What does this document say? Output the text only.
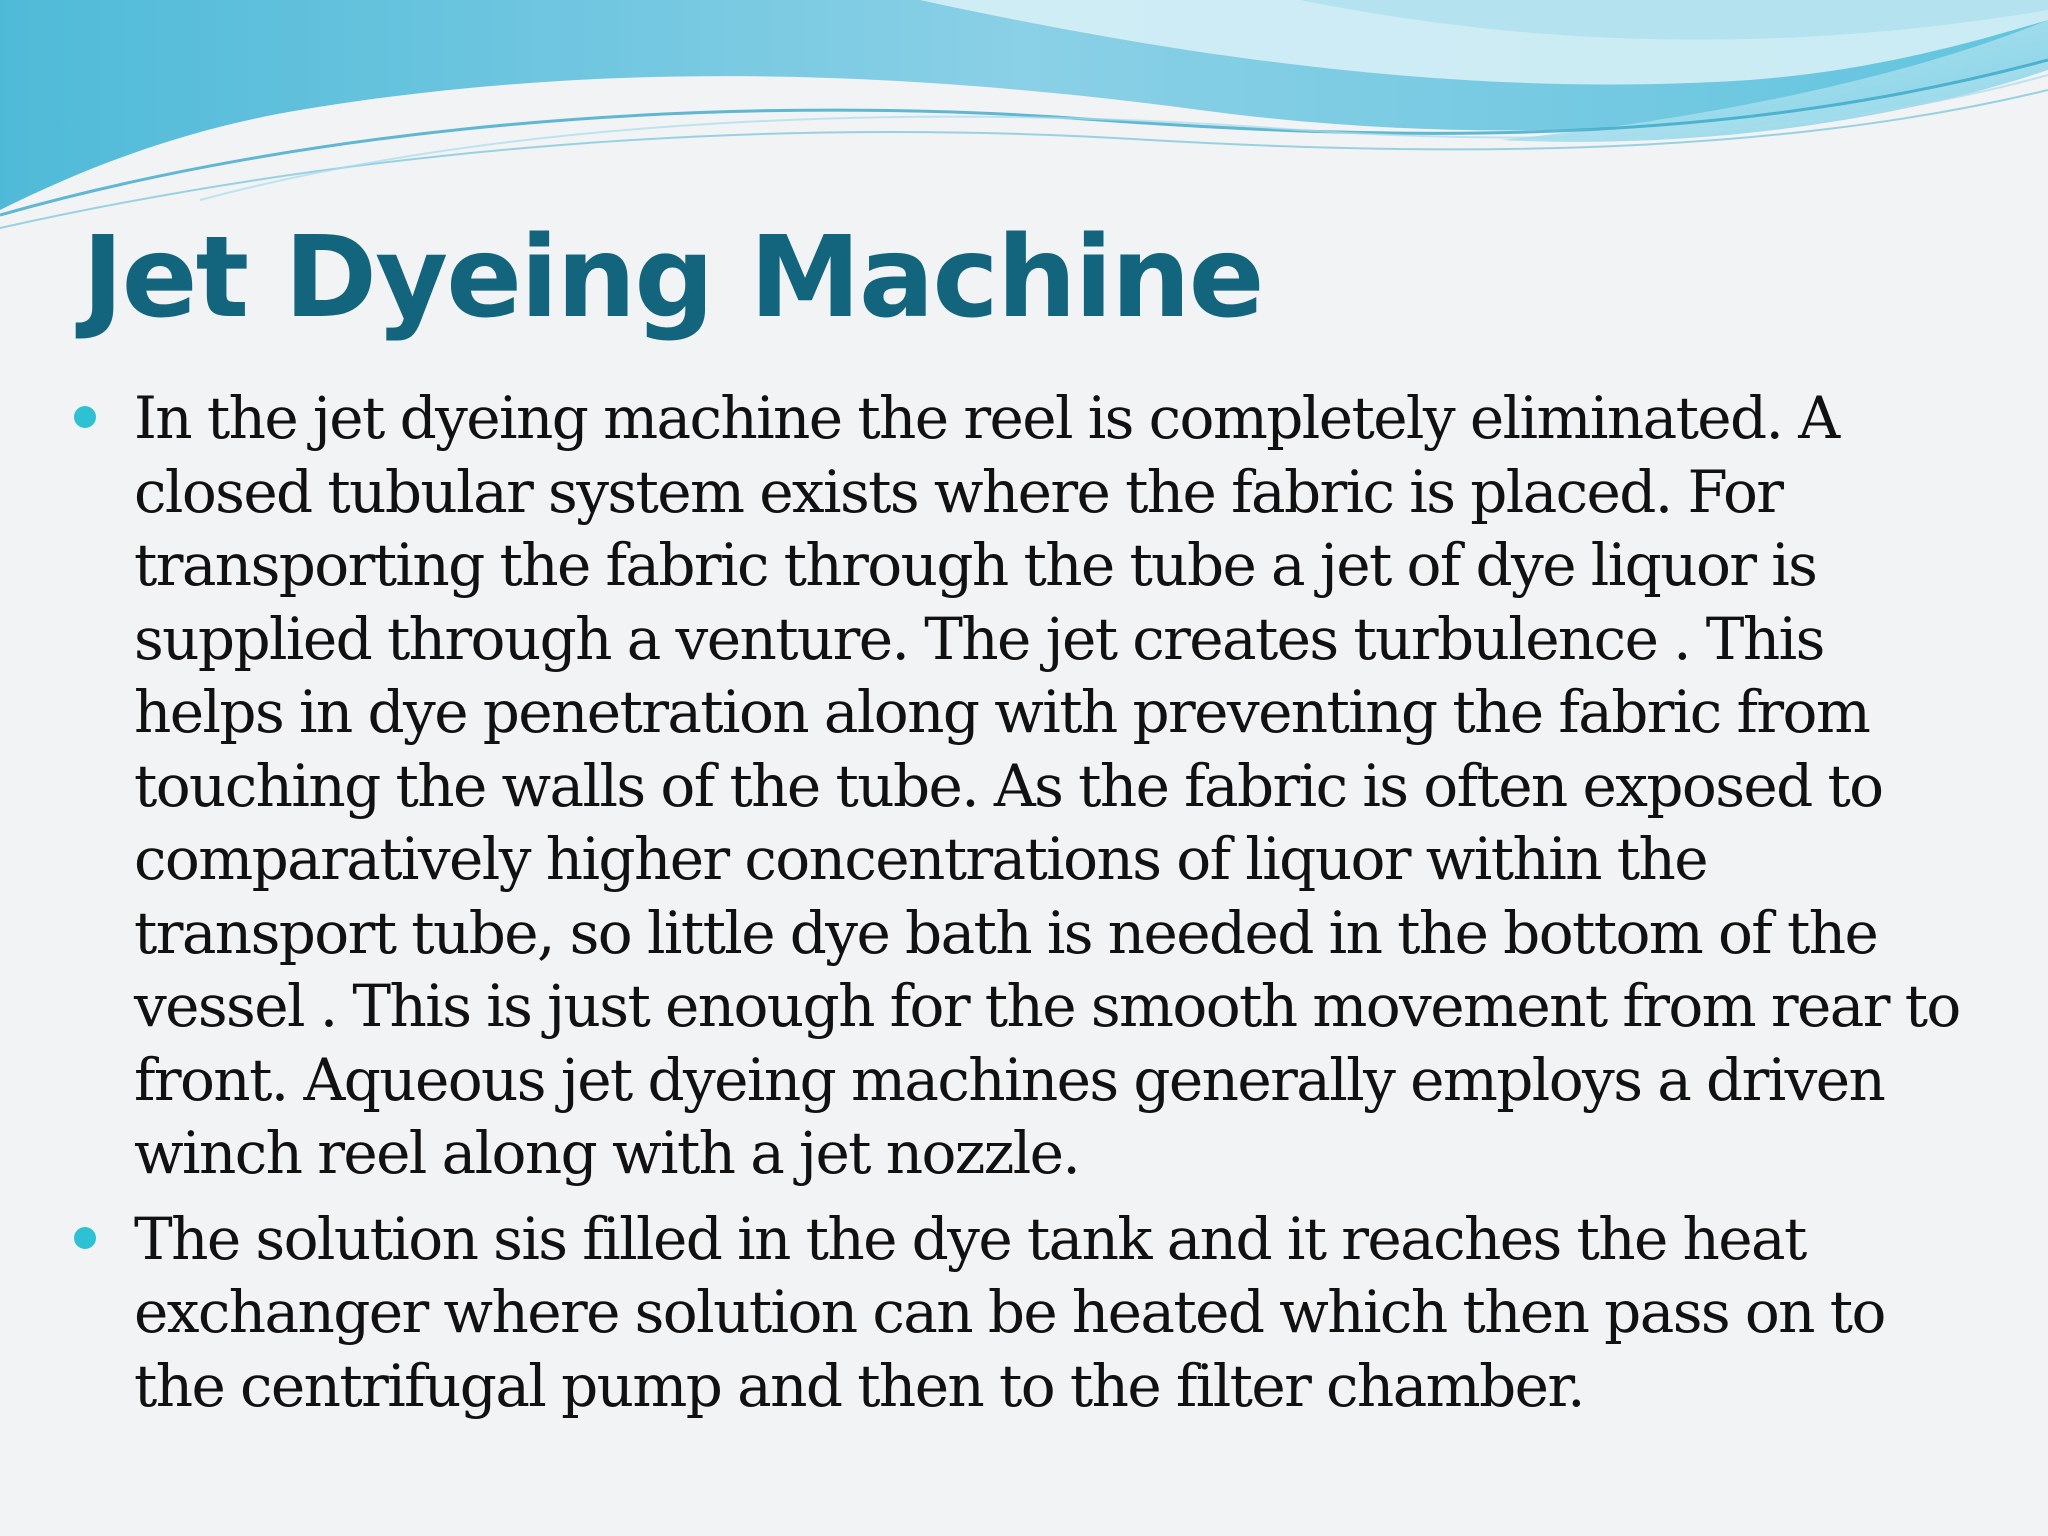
Jet Dyeing Machine
In the jet dyeing machine the reel is completely eliminated. A closed tubular system exists where the fabric is placed. For transporting the fabric through the tube a jet of dye liquor is supplied through a venture. The jet creates turbulence . This helps in dye penetration along with preventing the fabric from touching the walls of the tube. As the fabric is often exposed to comparatively higher concentrations of liquor within the transport tube, so little dye bath is needed in the bottom of the vessel . This is just enough for the smooth movement from rear to front. Aqueous jet dyeing machines generally employs a driven winch reel along with a jet nozzle.
The solution sis filled in the dye tank and it reaches the heat exchanger where solution can be heated which then pass on to the centrifugal pump and then to the filter chamber.
